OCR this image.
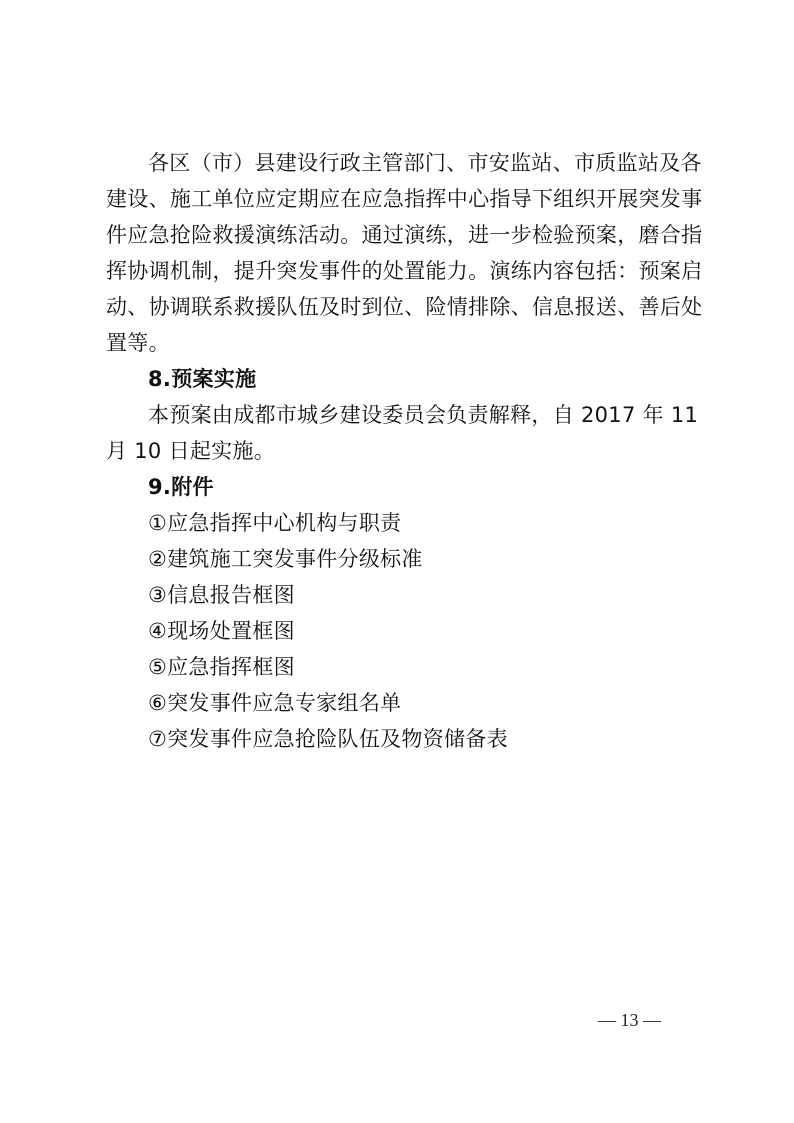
各区（市）县建设行政主管部门、市安监站、市质监站及各
建设、施工单位应定期应在应急指挥中心指导下组织开展突发事
件应急抢险救援演练活动。通过演练，进一步检验预案，磨合指
挥协调机制，提升突发事件的处置能力。演练内容包括：预案启
动、协调联系救援队伍及时到位、险情排除、信息报送、善后处
置等。
8.预案实施
本预案由成都市城乡建设委员会负责解释，自 2017 年 11
月 10 日起实施。
9.附件
①应急指挥中心机构与职责
②建筑施工突发事件分级标准
③信息报告框图
④现场处置框图
⑤应急指挥框图
⑥突发事件应急专家组名单
⑦突发事件应急抢险队伍及物资储备表
— 13 —
